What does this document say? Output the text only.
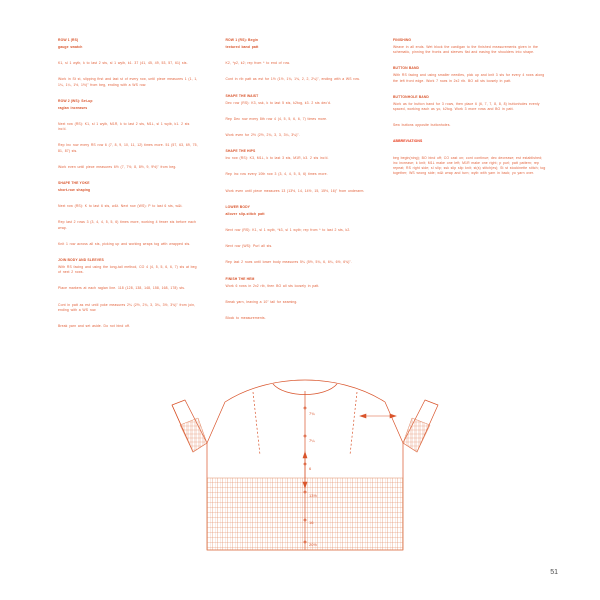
ROW 1 (RS)

gauge swatch

K1, sl 1 wyib, k to last 2 sts, sl 1 wyib, k1. 37 (41, 45, 49, 53, 57, 61) sts.

Work in St st, slipping first and last st of every row, until piece measures 1 (1, 1, 1¼, 1¼, 1½, 1½)" from beg, ending with a WS row.

ROW 2 (WS): Set-up

raglan increases

Next row (RS): K1, sl 1 wyib, M1R, k to last 2 sts, M1L, sl 1 wyib, k1. 2 sts inc'd.

Rep Inc row every RS row 6 (7, 8, 9, 10, 11, 12) times more. 51 (57, 63, 69, 75, 81, 87) sts.

Work even until piece measures 6½ (7, 7½, 8, 8½, 9, 9½)" from beg.

SHAPE THE YOKE

short-row shaping

Next row (RS): K to last 6 sts, w&t. Next row (WS): P to last 6 sts, w&t.

Rep last 2 rows 3 (3, 4, 4, 5, 5, 6) times more, working 4 fewer sts before each wrap.

Knit 1 row across all sts, picking up and working wraps tog with wrapped sts.

JOIN BODY AND SLEEVES

With RS facing and using the long-tail method, CO 4 (4, 5, 5, 6, 6, 7) sts at beg of next 2 rows.

Place markers at each raglan line. 118 (128, 138, 148, 158, 168, 178) sts.

Cont in patt as est until yoke measures 2¼ (2½, 2¾, 3, 3¼, 3½, 3¾)" from join, ending with a WS row.

Break yarn and set aside. Do not bind off.

ROW 1 (RS): Begin

textured band patt

K2, *p2, k2; rep from * to end of row.

Cont in rib patt as est for 1½ (1½, 1¾, 1¾, 2, 2, 2¼)", ending with a WS row.

SHAPE THE WAIST

Dec row (RS): K3, ssk, k to last 5 sts, k2tog, k3. 2 sts dec'd.

Rep Dec row every 8th row 4 (4, 5, 5, 6, 6, 7) times more.

Work even for 2½ (2½, 2¾, 3, 3, 3¼, 3¼)".

SHAPE THE HIPS

Inc row (RS): K3, M1L, k to last 3 sts, M1R, k3. 2 sts inc'd.

Rep Inc row every 10th row 3 (3, 4, 4, 5, 5, 6) times more.

Work even until piece measures 13 (13½, 14, 14½, 15, 15½, 16)" from underarm.

LOWER BODY

allover slip-stitch patt

Next row (RS): K1, sl 1 wyib, *k3, sl 1 wyib; rep from * to last 2 sts, k2.

Next row (WS): Purl all sts.

Rep last 2 rows until lower body measures 5¼ (5½, 5¾, 6, 6¼, 6½, 6¾)".

FINISH THE HEM

Work 6 rows in 2x2 rib, then BO all sts loosely in patt.

Break yarn, leaving a 10" tail for seaming.

Block to measurements.

FINISHING

Weave in all ends. Wet block the cardigan to the finished measurements given in the schematic, pinning the fronts and sleeves flat and easing the shoulders into shape.

BUTTON BAND

With RS facing and using smaller needles, pick up and knit 3 sts for every 4 rows along the left front edge. Work 7 rows in 2x2 rib. BO all sts loosely in patt.

BUTTONHOLE BAND

Work as for button band for 3 rows, then place 6 (6, 7, 7, 8, 8, 8) buttonholes evenly spaced, working each as yo, k2tog. Work 3 more rows and BO in patt.

Sew buttons opposite buttonholes.

ABBREVIATIONS

beg begin(ning); BO bind off; CO cast on; cont continue; dec decrease; est established; inc increase; k knit; M1L make one left; M1R make one right; p purl; patt pattern; rep repeat; RS right side; sl slip; ssk slip slip knit; st(s) stitch(es); St st stockinette stitch; tog together; WS wrong side; w&t wrap and turn; wyib with yarn in back; yo yarn over.

7¾
7¼
6
13½
16
20½
51
